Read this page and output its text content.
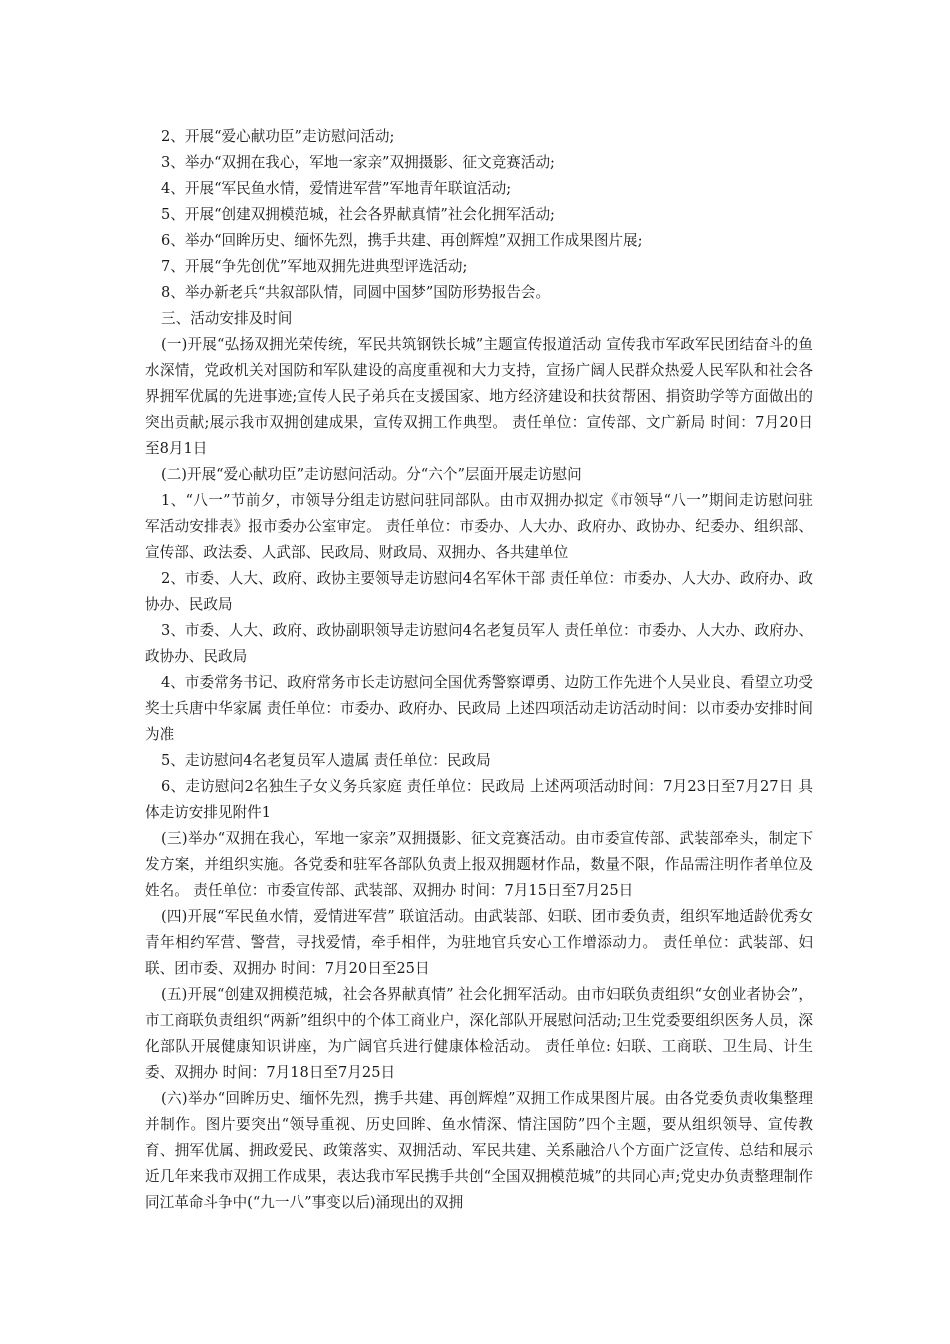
2、开展“爱心献功臣”走访慰问活动;
3、举办“双拥在我心，军地一家亲”双拥摄影、征文竞赛活动;
4、开展“军民鱼水情，爱情进军营”军地青年联谊活动;
5、开展“创建双拥模范城，社会各界献真情”社会化拥军活动;
6、举办“回眸历史、缅怀先烈，携手共建、再创辉煌”双拥工作成果图片展;
7、开展“争先创优”军地双拥先进典型评选活动;
8、举办新老兵“共叙部队情，同圆中国梦”国防形势报告会。
三、活动安排及时间

(一)开展“弘扬双拥光荣传统，军民共筑钢铁长城”主题宣传报道活动 宣传我市军政军民团结奋斗的鱼水深情，党政机关对国防和军队建设的高度重视和大力支持，宣扬广阔人民群众热爱人民军队和社会各界拥军优属的先进事迹;宣传人民子弟兵在支援国家、地方经济建设和扶贫帮困、捐资助学等方面做出的突出贡献;展示我市双拥创建成果，宣传双拥工作典型。 责任单位：宣传部、文广新局 时间：7月20日至8月1日

(二)开展“爱心献功臣”走访慰问活动。分“六个”层面开展走访慰问

1、“八一”节前夕，市领导分组走访慰问驻同部队。由市双拥办拟定《市领导“八一”期间走访慰问驻军活动安排表》报市委办公室审定。 责任单位：市委办、人大办、政府办、政协办、纪委办、组织部、宣传部、政法委、人武部、民政局、财政局、双拥办、各共建单位

2、市委、人大、政府、政协主要领导走访慰问4名军休干部 责任单位：市委办、人大办、政府办、政协办、民政局

3、市委、人大、政府、政协副职领导走访慰问4名老复员军人 责任单位：市委办、人大办、政府办、政协办、民政局

4、市委常务书记、政府常务市长走访慰问全国优秀警察谭勇、边防工作先进个人吴业良、看望立功受奖士兵唐中华家属 责任单位：市委办、政府办、民政局 上述四项活动走访活动时间：以市委办安排时间为准

5、走访慰问4名老复员军人遗属 责任单位：民政局

6、走访慰问2名独生子女义务兵家庭 责任单位：民政局 上述两项活动时间：7月23日至7月27日 具体走访安排见附件1

(三)举办“双拥在我心，军地一家亲”双拥摄影、征文竞赛活动。由市委宣传部、武装部牵头，制定下发方案，并组织实施。各党委和驻军各部队负责上报双拥题材作品，数量不限，作品需注明作者单位及姓名。 责任单位：市委宣传部、武装部、双拥办 时间：7月15日至7月25日

(四)开展“军民鱼水情，爱情进军营” 联谊活动。由武装部、妇联、团市委负责，组织军地适龄优秀女青年相约军营、警营，寻找爱情，牵手相伴，为驻地官兵安心工作增添动力。 责任单位：武装部、妇联、团市委、双拥办 时间：7月20日至25日

(五)开展“创建双拥模范城，社会各界献真情” 社会化拥军活动。由市妇联负责组织“女创业者协会”，市工商联负责组织“两新”组织中的个体工商业户，深化部队开展慰问活动;卫生党委要组织医务人员，深化部队开展健康知识讲座，为广阔官兵进行健康体检活动。 责任单位: 妇联、工商联、卫生局、计生委、双拥办 时间：7月18日至7月25日

(六)举办“回眸历史、缅怀先烈，携手共建、再创辉煌”双拥工作成果图片展。由各党委负责收集整理并制作。图片要突出“领导重视、历史回眸、鱼水情深、情注国防”四个主题，要从组织领导、宣传教育、拥军优属、拥政爱民、政策落实、双拥活动、军民共建、关系融洽八个方面广泛宣传、总结和展示近几年来我市双拥工作成果，表达我市军民携手共创“全国双拥模范城”的共同心声;党史办负责整理制作同江革命斗争中(“九一八”事变以后)涌现出的双拥
